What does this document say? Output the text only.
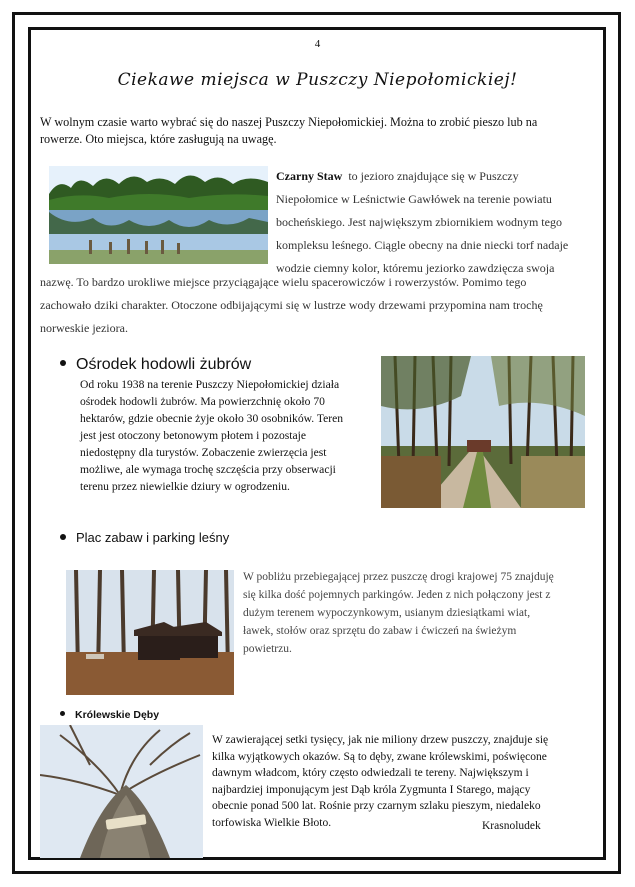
4
Ciekawe miejsca w Puszczy Niepołomickiej!
W wolnym czasie warto wybrać się do naszej Puszczy Niepołomickiej. Można to zrobić pieszo lub na rowerze. Oto miejsca, które zasługują na uwagę.
Czarny Staw to jezioro znajdujące się w Puszczy
Niepołomice w Leśnictwie Gawłówek na terenie powiatu
bocheńskiego. Jest największym zbiornikiem wodnym tego
kompleksu leśnego. Ciągle obecny na dnie niecki torf nadaje
wodzie ciemny kolor, któremu jeziorko zawdzięcza swoja
nazwę. To bardzo urokliwe miejsce przyciągające wielu spacerowiczów i rowerzystów. Pomimo tego
zachowało dziki charakter. Otoczone odbijającymi się w lustrze wody drzewami przypomina nam trochę
norweskie jeziora.
Ośrodek hodowli żubrów
Od roku 1938 na terenie Puszczy Niepołomickiej działa
ośrodek hodowli żubrów. Ma powierzchnię około 70
hektarów, gdzie obecnie żyje około 30 osobników. Teren
jest jest otoczony betonowym płotem i pozostaje
niedostępny dla turystów. Zobaczenie zwierzęcia jest
możliwe, ale wymaga trochę szczęścia przy obserwacji
terenu przez niewielkie dziury w ogrodzeniu.
Plac zabaw i parking leśny
W pobliżu przebiegającej przez puszczę drogi krajowej 75 znajduję
się kilka dość pojemnych parkingów. Jeden z nich połączony jest z
dużym terenem wypoczynkowym, usianym dziesiątkami wiat,
ławek, stołów oraz sprzętu do zabaw i ćwiczeń na świeżym
powietrzu.
Królewskie Dęby
W zawierającej setki tysięcy, jak nie miliony drzew puszczy, znajduje się
kilka wyjątkowych okazów. Są to dęby, zwane królewskimi, poświęcone
dawnym władcom, który często odwiedzali te tereny. Największym i
najbardziej imponującym jest Dąb króla Zygmunta I Starego, mający
obecnie ponad 500 lat. Rośnie przy czarnym szlaku pieszym, niedaleko
torfowiska Wielkie Błoto.	Krasnoludek
